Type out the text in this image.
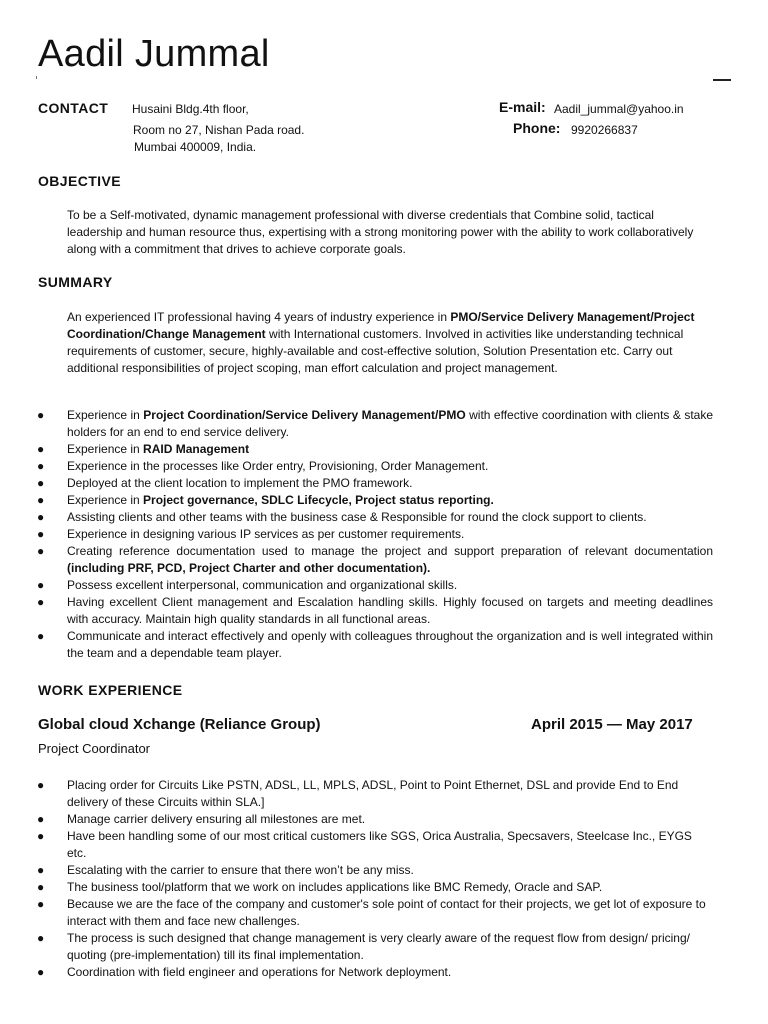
Aadil Jummal
CONTACT Husaini Bldg.4th floor,
Room no 27, Nishan Pada road.
Mumbai 400009, India.
E-mail: Aadil_jummal@yahoo.in
Phone: 9920266837
OBJECTIVE
To be a Self-motivated, dynamic management professional with diverse credentials that Combine solid, tactical leadership and human resource thus, expertising with a strong monitoring power with the ability to work collaboratively along with a commitment that drives to achieve corporate goals.
SUMMARY
An experienced IT professional having 4 years of industry experience in PMO/Service Delivery Management/Project Coordination/Change Management with International customers. Involved in activities like understanding technical requirements of customer, secure, highly-available and cost-effective solution, Solution Presentation etc. Carry out additional responsibilities of project scoping, man effort calculation and project management.
● Experience in Project Coordination/Service Delivery Management/PMO with effective coordination with clients & stake holders for an end to end service delivery.
● Experience in RAID Management
● Experience in the processes like Order entry, Provisioning, Order Management.
● Deployed at the client location to implement the PMO framework.
● Experience in Project governance, SDLC Lifecycle, Project status reporting.
● Assisting clients and other teams with the business case & Responsible for round the clock support to clients.
● Experience in designing various IP services as per customer requirements.
● Creating reference documentation used to manage the project and support preparation of relevant documentation (including PRF, PCD, Project Charter and other documentation).
● Possess excellent interpersonal, communication and organizational skills.
● Having excellent Client management and Escalation handling skills. Highly focused on targets and meeting deadlines with accuracy. Maintain high quality standards in all functional areas.
● Communicate and interact effectively and openly with colleagues throughout the organization and is well integrated within the team and a dependable team player.
WORK EXPERIENCE
Global cloud Xchange (Reliance Group)	April 2015 — May 2017
Project Coordinator
● Placing order for Circuits Like PSTN, ADSL, LL, MPLS, ADSL, Point to Point Ethernet, DSL and provide End to End delivery of these Circuits within SLA.]
● Manage carrier delivery ensuring all milestones are met.
● Have been handling some of our most critical customers like SGS, Orica Australia, Specsavers, Steelcase Inc., EYGS etc.
● Escalating with the carrier to ensure that there won’t be any miss.
● The business tool/platform that we work on includes applications like BMC Remedy, Oracle and SAP.
● Because we are the face of the company and customer's sole point of contact for their projects, we get lot of exposure to interact with them and face new challenges.
● The process is such designed that change management is very clearly aware of the request flow from design/ pricing/ quoting (pre-implementation) till its final implementation.
● Coordination with field engineer and operations for Network deployment.
